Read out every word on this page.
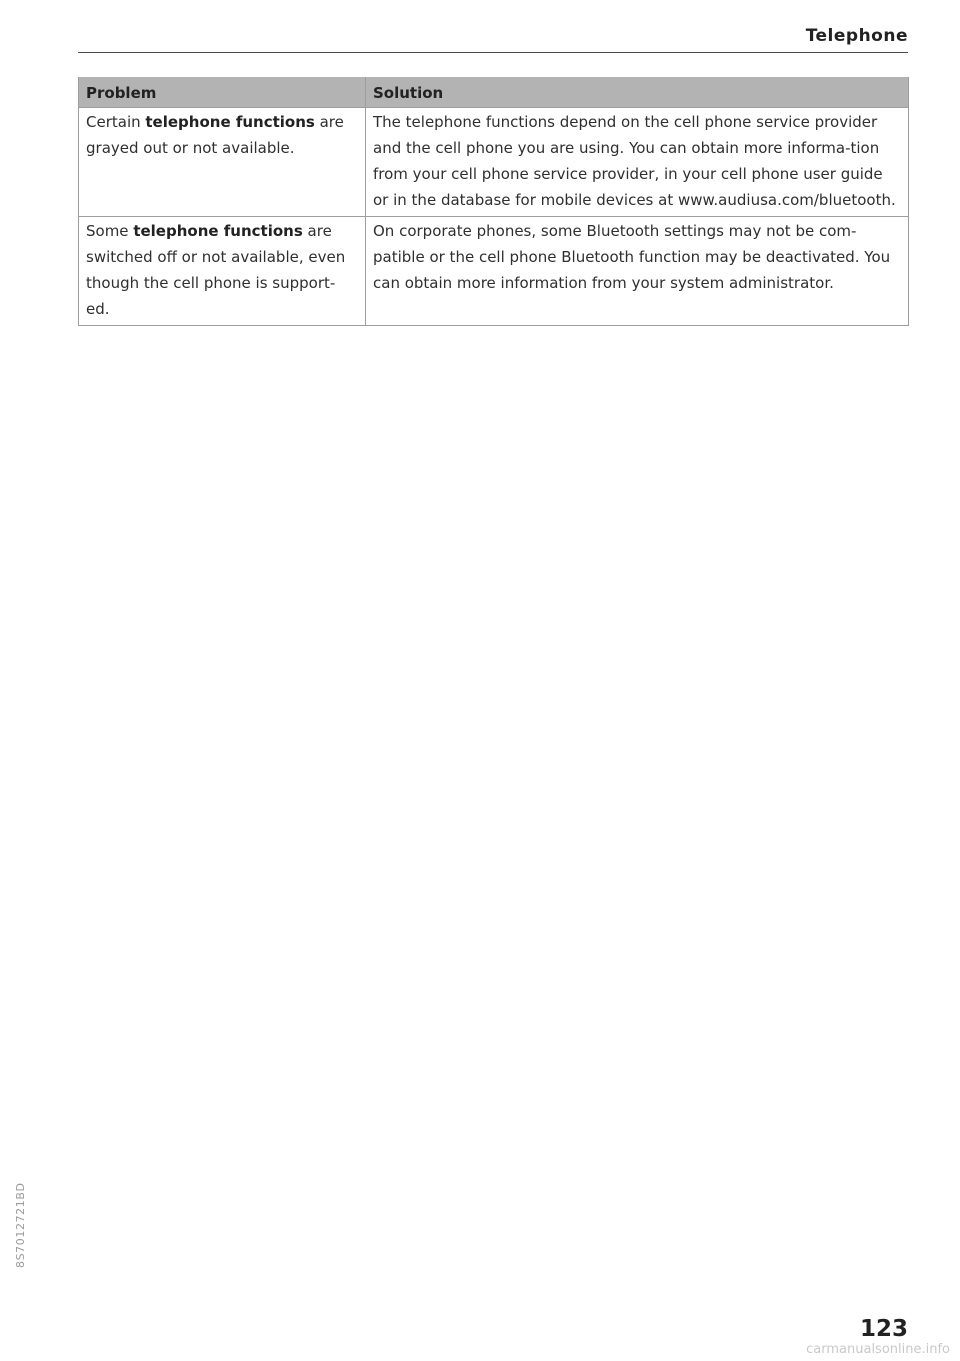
Telephone
Problem	Solution
Certain telephone functions are grayed out or not available.	The telephone functions depend on the cell phone service provider and the cell phone you are using. You can obtain more informa-tion from your cell phone service provider, in your cell phone user guide or in the database for mobile devices at www.audiusa.com/bluetooth.
Some telephone functions are switched off or not available, even though the cell phone is support-ed.	On corporate phones, some Bluetooth settings may not be com-patible or the cell phone Bluetooth function may be deactivated. You can obtain more information from your system administrator.
8S7012721BD
123
carmanualsonline.info
